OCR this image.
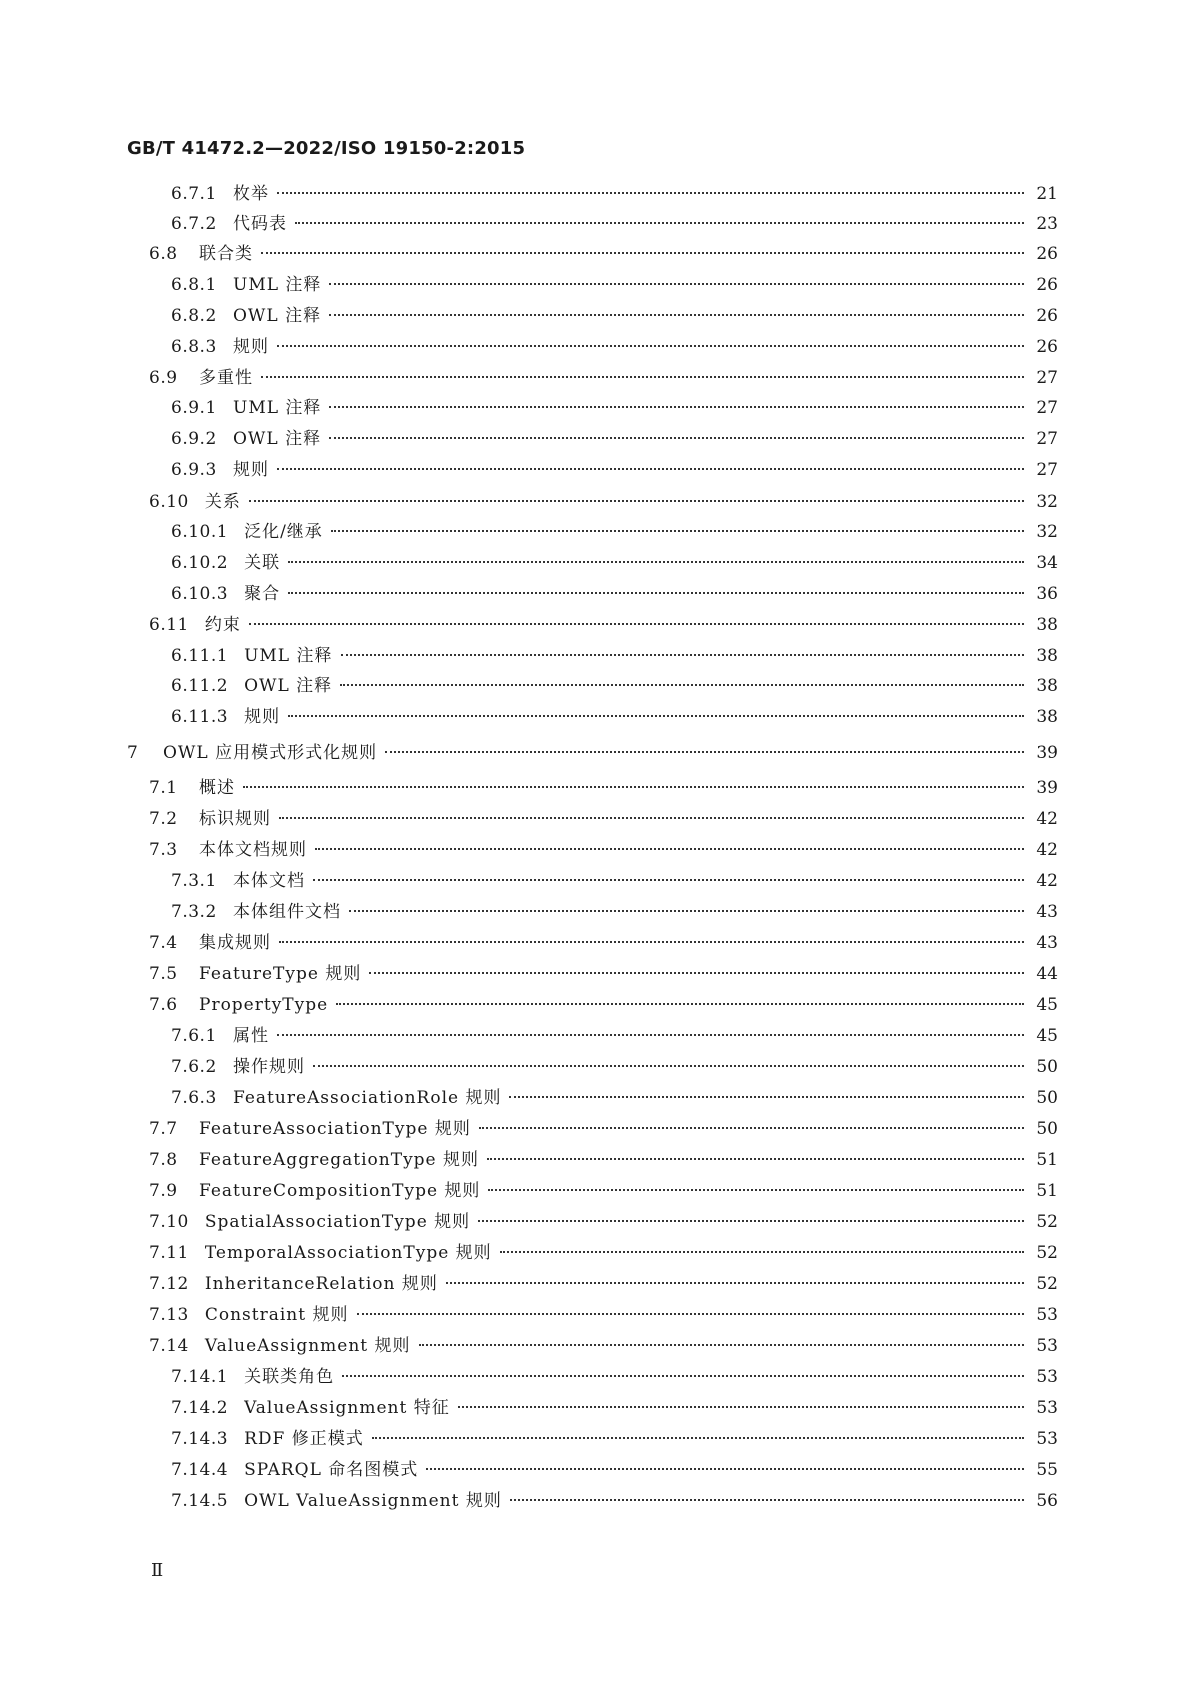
GB/T 41472.2—2022/ISO 19150-2:2015
6.7.1 枚举	21
6.7.2 代码表	23
6.8	联合类	26
6.8.1 UML 注释	26
6.8.2 OWL 注释	26
6.8.3 规则	26
6.9	多重性	27
6.9.1 UML 注释	27
6.9.2 OWL 注释	27
6.9.3 规则	27
6.10 关系	32
6.10.1 泛化/继承	32
6.10.2 关联	34
6.10.3 聚合	36
6.11 约束	38
6.11.1 UML 注释	38
6.11.2 OWL 注释	38
6.11.3 规则	38
7	OWL 应用模式形式化规则	39
7.1	概述	39
7.2	标识规则	42
7.3	本体文档规则	42
7.3.1 本体文档	42
7.3.2 本体组件文档	43
7.4	集成规则	43
7.5	FeatureType 规则	44
7.6	PropertyType	45
7.6.1 属性	45
7.6.2 操作规则	50
7.6.3 FeatureAssociationRole 规则	50
7.7	FeatureAssociationType 规则	50
7.8	FeatureAggregationType 规则	51
7.9	FeatureCompositionType 规则	51
7.10 SpatialAssociationType 规则	52
7.11 TemporalAssociationType 规则	52
7.12 InheritanceRelation 规则	52
7.13 Constraint 规则	53
7.14 ValueAssignment 规则	53
7.14.1 关联类角色	53
7.14.2 ValueAssignment 特征	53
7.14.3 RDF 修正模式	53
7.14.4 SPARQL 命名图模式	55
7.14.5 OWL ValueAssignment 规则	56
Ⅱ
